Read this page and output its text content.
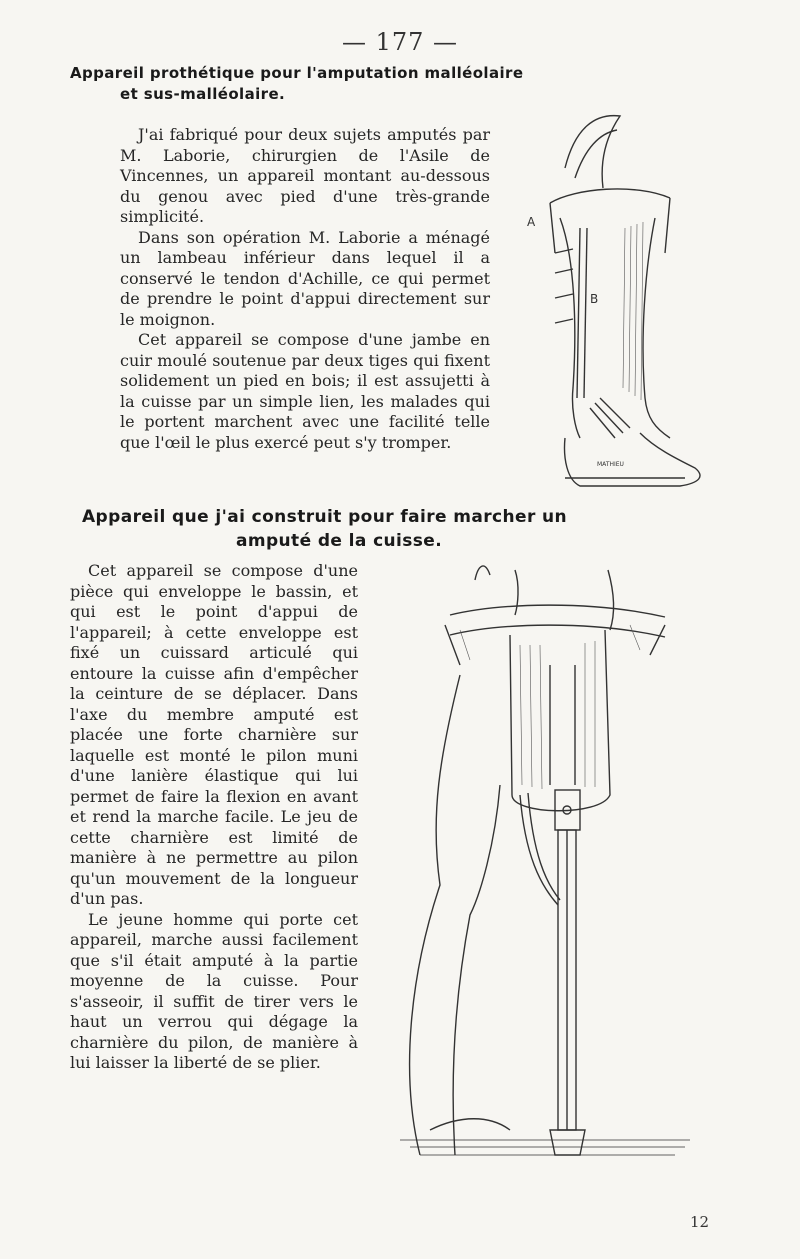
— 177 —
Appareil prothétique pour l'amputation malléolaire
et sus-malléolaire.

J'ai fabriqué pour deux sujets amputés par M. Laborie, chirurgien de l'Asile de Vincennes, un appareil montant au-dessous du genou avec pied d'une très-grande simplicité.

Dans son opération M. Laborie a ménagé un lambeau inférieur dans lequel il a conservé le tendon d'Achille, ce qui permet de prendre le point d'appui directement sur le moignon.

Cet appareil se compose d'une jambe en cuir moulé soutenue par deux tiges qui fixent solidement un pied en bois; il est assujetti à la cuisse par un simple lien, les malades qui le portent marchent avec une facilité telle que l'œil le plus exercé peut s'y tromper.

A
B
MATHIEU
Appareil que j'ai construit pour faire marcher un
amputé de la cuisse.

Cet appareil se compose d'une pièce qui enveloppe le bassin, et qui est le point d'appui de l'appareil; à cette enveloppe est fixé un cuissard articulé qui entoure la cuisse afin d'empêcher la ceinture de se déplacer. Dans l'axe du membre amputé est placée une forte charnière sur laquelle est monté le pilon muni d'une lanière élastique qui lui permet de faire la flexion en avant et rend la marche facile. Le jeu de cette charnière est limité de manière à ne permettre au pilon qu'un mouvement de la longueur d'un pas.

Le jeune homme qui porte cet appareil, marche aussi facilement que s'il était amputé à la partie moyenne de la cuisse. Pour s'asseoir, il suffit de tirer vers le haut un verrou qui dégage la charnière du pilon, de manière à lui laisser la liberté de se plier.

12
